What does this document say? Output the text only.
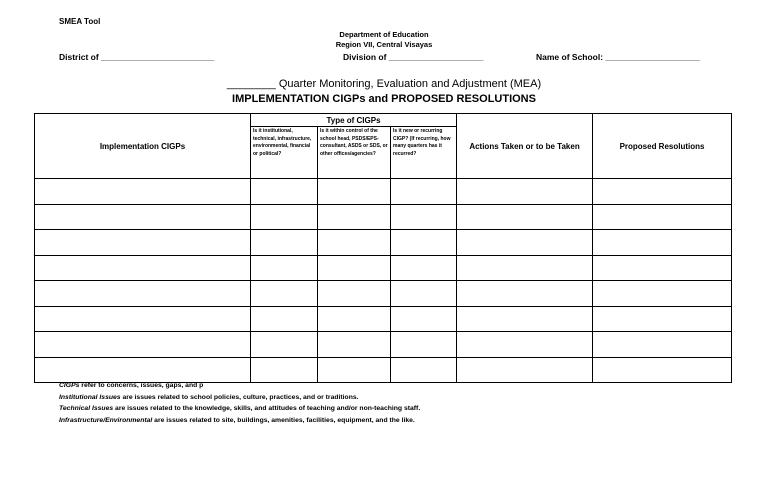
SMEA Tool
Department of Education
Region VII, Central Visayas
District of ________________________	Division of ____________________	Name of School: ____________________
________ Quarter Monitoring, Evaluation and Adjustment (MEA)
IMPLEMENTATION CIGPs and PROPOSED RESOLUTIONS
Implementation CIGPs	Type of CIGPs			Actions Taken or to be Taken	Proposed Resolutions
	Is it institutional, technical, infrastructure, environmental, financial or political?	Is it within control of the school head, PSDS/EPS-consultant, ASDS or SDS, or other offices/agencies?	Is it new or recurring CIGP? (If recurring, how many quarters has it recurred?		

CIGPs refer to concerns, issues, gaps, and p
Institutional Issues are issues related to school policies, culture, practices, and or traditions.
Technical Issues are issues related to the knowledge, skills, and attitudes of teaching and/or non-teaching staff.
Infrastructure/Environmental are issues related to site, buildings, amenities, facilities, equipment, and the like.
